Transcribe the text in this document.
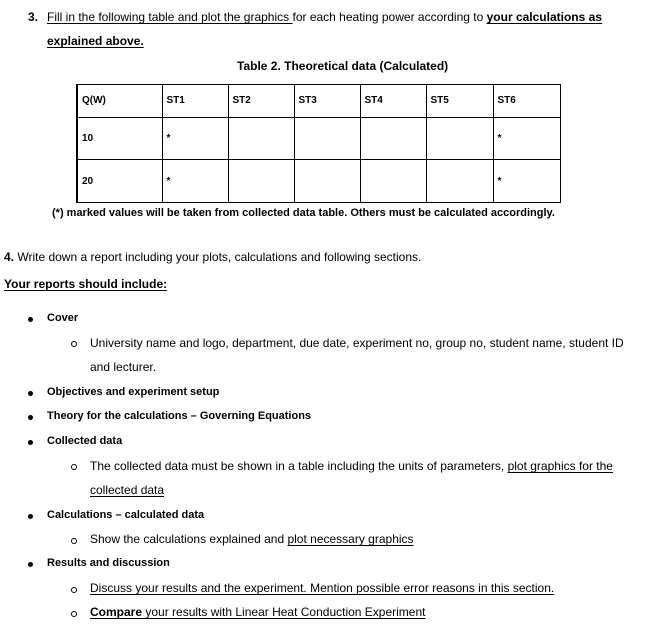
3. Fill in the following table and plot the graphics for each heating power according to your calculations as
explained above.
Table 2. Theoretical data (Calculated)
Q(W)	ST1	ST2	ST3	ST4	ST5	ST6
10	*					*
20	*					*
(*) marked values will be taken from collected data table. Others must be calculated accordingly.
4. Write down a report including your plots, calculations and following sections.
Your reports should include:
Cover
University name and logo, department, due date, experiment no, group no, student name, student ID
and lecturer.
Objectives and experiment setup
Theory for the calculations – Governing Equations
Collected data
The collected data must be shown in a table including the units of parameters, plot graphics for the
collected data
Calculations – calculated data
Show the calculations explained and plot necessary graphics
Results and discussion
Discuss your results and the experiment. Mention possible error reasons in this section.
Compare your results with Linear Heat Conduction Experiment
